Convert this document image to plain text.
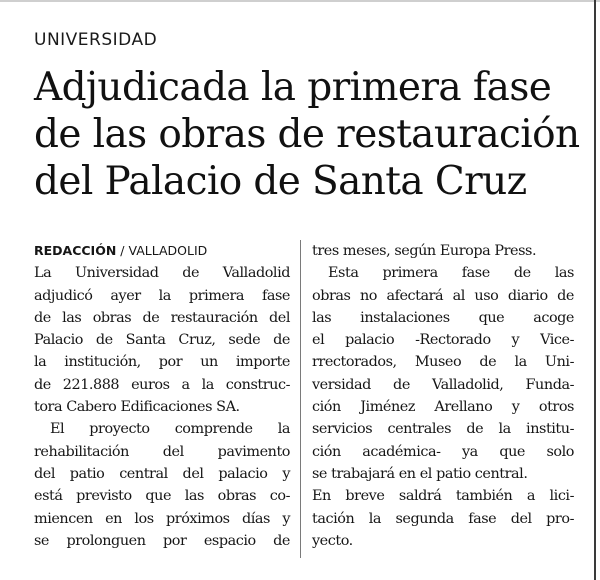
UNIVERSIDAD
Adjudicada la primera fase
de las obras de restauración
del Palacio de Santa Cruz
REDACCIÓN / VALLADOLID
La Universidad de Valladolid
adjudicó ayer la primera fase
de las obras de restauración del
Palacio de Santa Cruz, sede de
la institución, por un importe
de 221.888 euros a la construc-
tora Cabero Edificaciones SA.
El proyecto comprende la
rehabilitación del pavimento
del patio central del palacio y
está previsto que las obras co-
miencen en los próximos días y
se prolonguen por espacio de
tres meses, según Europa Press.
Esta primera fase de las
obras no afectará al uso diario de
las instalaciones que acoge
el palacio -Rectorado y Vice-
rrectorados, Museo de la Uni-
versidad de Valladolid, Funda-
ción Jiménez Arellano y otros
servicios centrales de la institu-
ción académica- ya que solo
se trabajará en el patio central.
En breve saldrá también a lici-
tación la segunda fase del pro-
yecto.
